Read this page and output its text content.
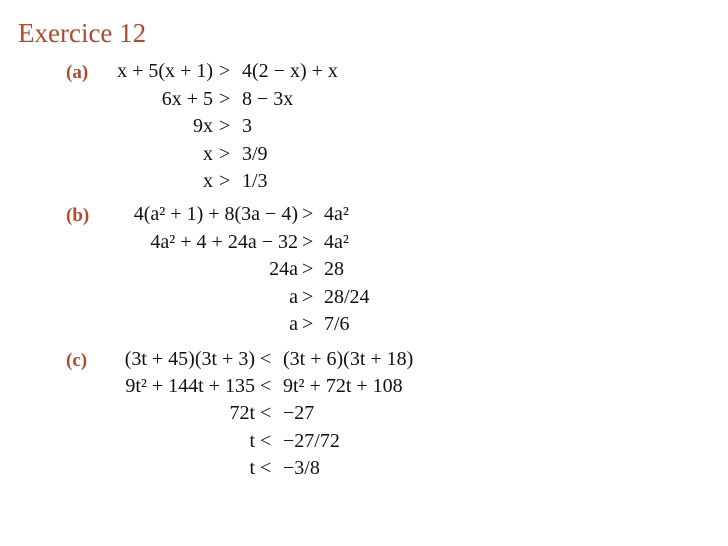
Exercice 12
(a) x + 5(x + 1) > 4(2 − x) + x
6x + 5 > 8 − 3x
9x > 3
x > 3/9
x > 1/3
(b) 4(a² + 1) + 8(3a − 4) > 4a²
4a² + 4 + 24a − 32 > 4a²
24a > 28
a > 28/24
a > 7/6
(c) (3t + 45)(3t + 3) < (3t + 6)(3t + 18)
9t² + 144t + 135 < 9t² + 72t + 108
72t < −27
t < −27/72
t < −3/8
